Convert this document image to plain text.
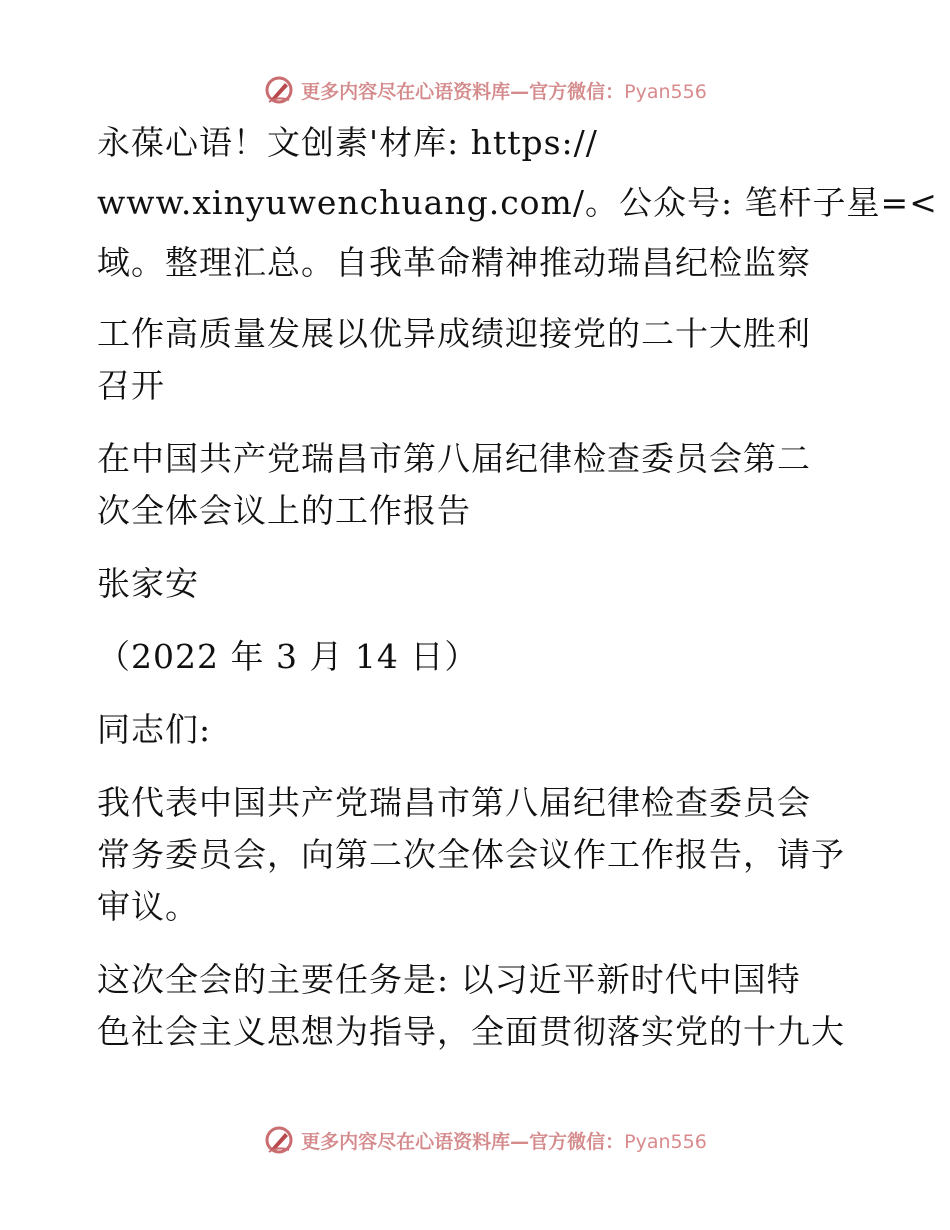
更多内容尽在心语资料库—官方微信：Pyan556
永葆心语！文创素'材库: https://
www.xinyuwenchuang.com/。公众号: 笔杆子星=<
域。整理汇总。自我革命精神推动瑞昌纪检监察
工作高质量发展以优异成绩迎接党的二十大胜利
召开
在中国共产党瑞昌市第八届纪律检查委员会第二
次全体会议上的工作报告
张家安
（2022 年 3 月 14 日）
同志们:
我代表中国共产党瑞昌市第八届纪律检查委员会
常务委员会，向第二次全体会议作工作报告，请予
审议。
这次全会的主要任务是: 以习近平新时代中国特
色社会主义思想为指导，全面贯彻落实党的十九大
更多内容尽在心语资料库—官方微信：Pyan556
